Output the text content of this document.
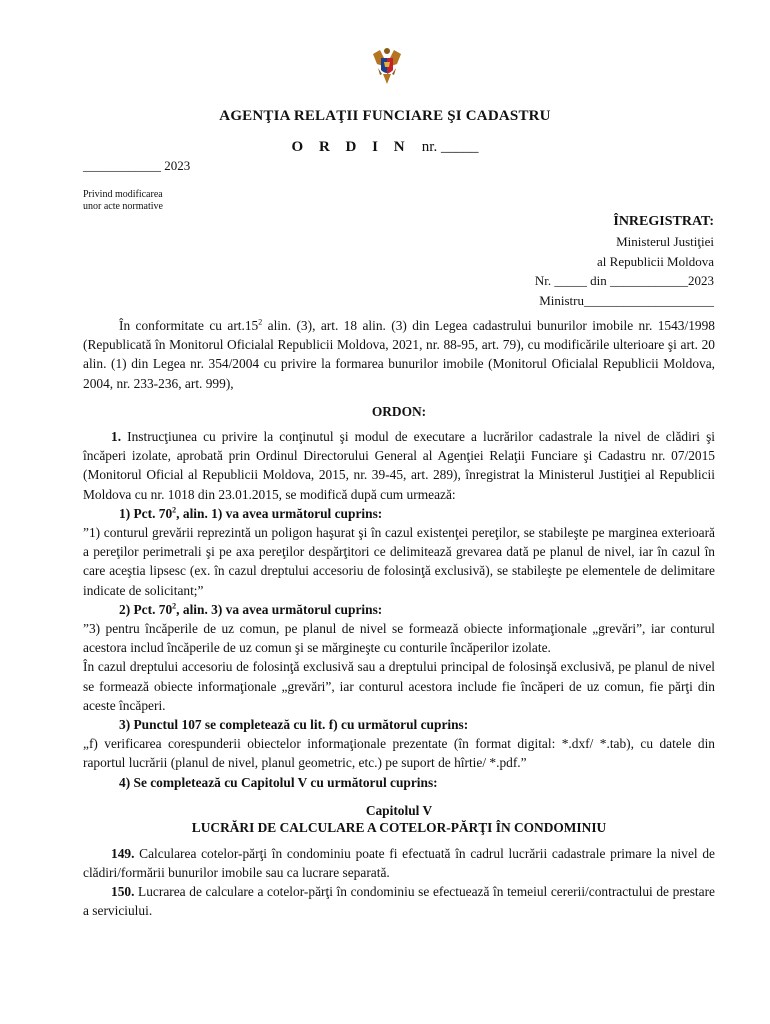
AGENŢIA RELAŢII FUNCIARE ŞI CADASTRU
O R D I N nr. _____
____________ 2023
Privind modificarea
unor acte normative
ÎNREGISTRAT:
Ministerul Justiţiei
al Republicii Moldova
Nr. _____ din ____________2023
Ministru____________________

În conformitate cu $art.15^2$ alin. (3), art. 18 alin. (3) din Legea cadastrului bunurilor imobile nr. 1543/1998 (Republicată în Monitorul Oficialal Republicii Moldova, 2021, nr. 88-95, art. 79), cu modificările ulterioare şi art. 20 alin. (1) din Legea nr. 354/2004 cu privire la formarea bunurilor imobile (Monitorul Oficialal Republicii Moldova, 2004, nr. 233-236, art. 999),

ORDON:

1. Instrucţiunea cu privire la conţinutul şi modul de executare a lucrărilor cadastrale la nivel de clădiri şi încăperi izolate, aprobată prin Ordinul Directorului General al Agenţiei Relaţii Funciare şi Cadastru nr. 07/2015 (Monitorul Oficial al Republicii Moldova, 2015, nr. 39-45, art. 289), înregistrat la Ministerul Justiţiei al Republicii Moldova cu nr. 1018 din 23.01.2015, se modifică după cum urmează:

1) Pct. $70^2$, alin. 1) va avea următorul cuprins:

”1) conturul grevării reprezintă un poligon haşurat şi în cazul existenţei pereţilor, se stabileşte pe marginea exterioară a pereţilor perimetrali şi pe axa pereţilor despărţitori ce delimitează grevarea dată pe planul de nivel, iar în cazul în care aceştia lipsesc (ex. în cazul dreptului accesoriu de folosinţă exclusivă), se stabileşte pe elementele de delimitare indicate de solicitant;”

2) Pct. $70^2$, alin. 3) va avea următorul cuprins:

”3) pentru încăperile de uz comun, pe planul de nivel se formează obiecte informaţionale „grevări”, iar conturul acestora includ încăperile de uz comun şi se mărgineşte cu conturile încăperilor izolate.

În cazul dreptului accesoriu de folosinţă exclusivă sau a dreptului principal de folosinşă exclusivă, pe planul de nivel se formează obiecte informaţionale „grevări”, iar conturul acestora include fie încăperi de uz comun, fie părţi din aceste încăperi.

3) Punctul 107 se completează cu lit. f) cu următorul cuprins:

„f) verificarea corespunderii obiectelor informaţionale prezentate (în format digital: *.dxf/ *.tab), cu datele din raportul lucrării (planul de nivel, planul geometric, etc.) pe suport de hîrtie/ *.pdf.”

4) Se completează cu Capitolul V cu următorul cuprins:

Capitolul V

LUCRĂRI DE CALCULARE A COTELOR-PĂRŢI ÎN CONDOMINIU

149. Calcularea cotelor-părţi în condominiu poate fi efectuată în cadrul lucrării cadastrale primare la nivel de clădiri/formării bunurilor imobile sau ca lucrare separată.

150. Lucrarea de calculare a cotelor-părţi în condominiu se efectuează în temeiul cererii/contractului de prestare a serviciului.
